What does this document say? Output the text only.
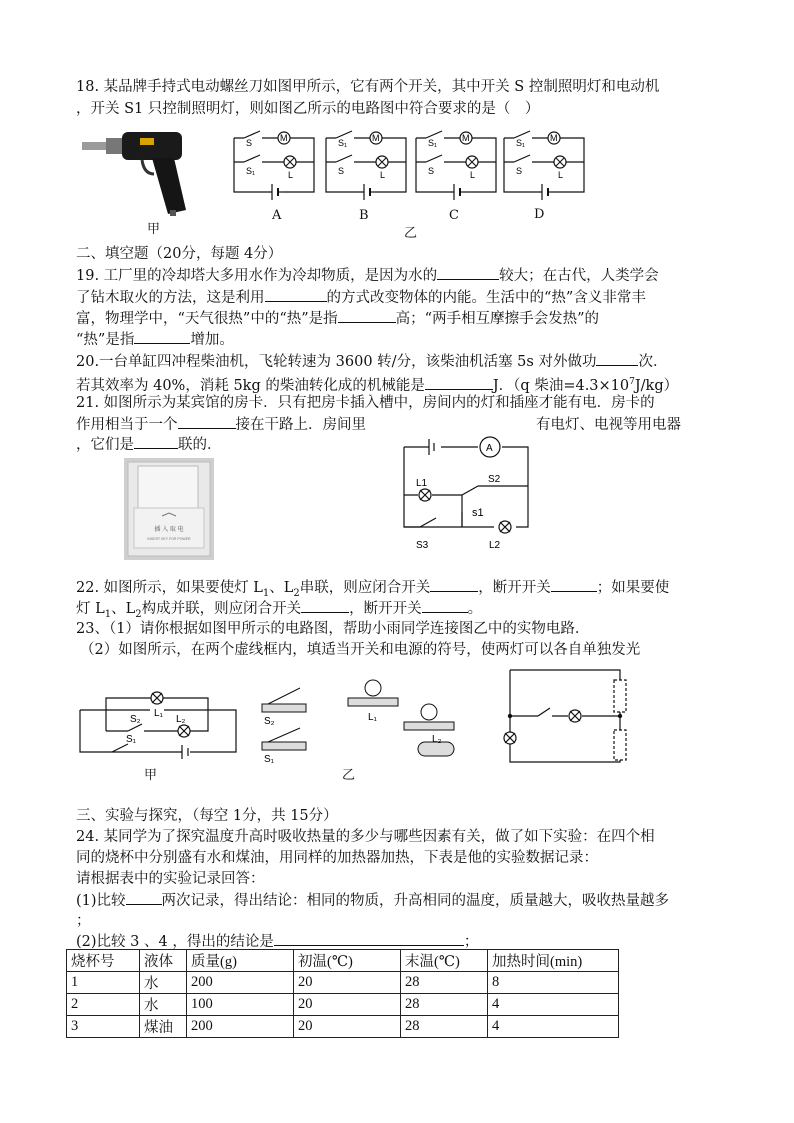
18. 某品牌手持式电动螺丝刀如图甲所示，它有两个开关，其中开关 S 控制照明灯和电动机
，开关 S1 只控制照明灯，则如图乙所示的电路图中符合要求的是（　）
甲
M
S
L
S₁
M
S₁
L
S
M
S₁
L
S
M
S₁
L
S
A	B	C	D
乙
二、填空题（20分，每题 4分）
19. 工厂里的冷却塔大多用水作为冷却物质，是因为水的	较大；在古代，人类学会
了钻木取火的方法，这是利用	的方式改变物体的内能。生活中的“热”含义非常丰
富，物理学中，“天气很热”中的“热”是指	高；“两手相互摩擦手会发热”的
“热”是指	增加。
20.一台单缸四冲程柴油机，飞轮转速为 3600 转/分，该柴油机活塞 5s 对外做功	次．
若其效率为 40%，消耗 5kg 的柴油转化成的机械能是	J．（q 柴油$=4.3\times 10^7J/kg$）
21. 如图所示为某宾馆的房卡．只有把房卡插入槽中，房间内的灯和插座才能有电．房卡的
作用相当于一个	接在干路上．房间里	有电灯、电视等用电器
，它们是	联的．
插 入 取 电
INSERT KEY FOR POWER
A
L1	S2
s1
S3	L2
22. 如图所示，如果要使灯 $L_1$、$L_2$串联，则应闭合开关	，断开开关	；如果要使
灯 $L_1$、$L_2$构成并联，则应闭合开关	，断开开关	。
23、（1）请你根据如图甲所示的电路图，帮助小雨同学连接图乙中的实物电路．
（2）如图所示，在两个虚线框内，填适当开关和电源的符号，使两灯可以各自单独发光
L₁
S₂	L₂
S₁
甲
S₂
S₁
L₁
L₂
乙
三、实验与探究，（每空 1分，共 15分）
24. 某同学为了探究温度升高时吸收热量的多少与哪些因素有关，做了如下实验：在四个相
同的烧杯中分别盛有水和煤油，用同样的加热器加热，下表是他的实验数据记录：
请根据表中的实验记录回答：
(1)比较 两次记录，得出结论：相同的物质，升高相同的温度，质量越大，吸收热量越多
；
(2)比较 3 、4 ，得出的结论是	；
烧杯号	液体	质量(g)	初温(℃)	末温(℃)	加热时间(min)
1	水	200	20	28	8
2	水	100	20	28	4
3	煤油	200	20	28	4
